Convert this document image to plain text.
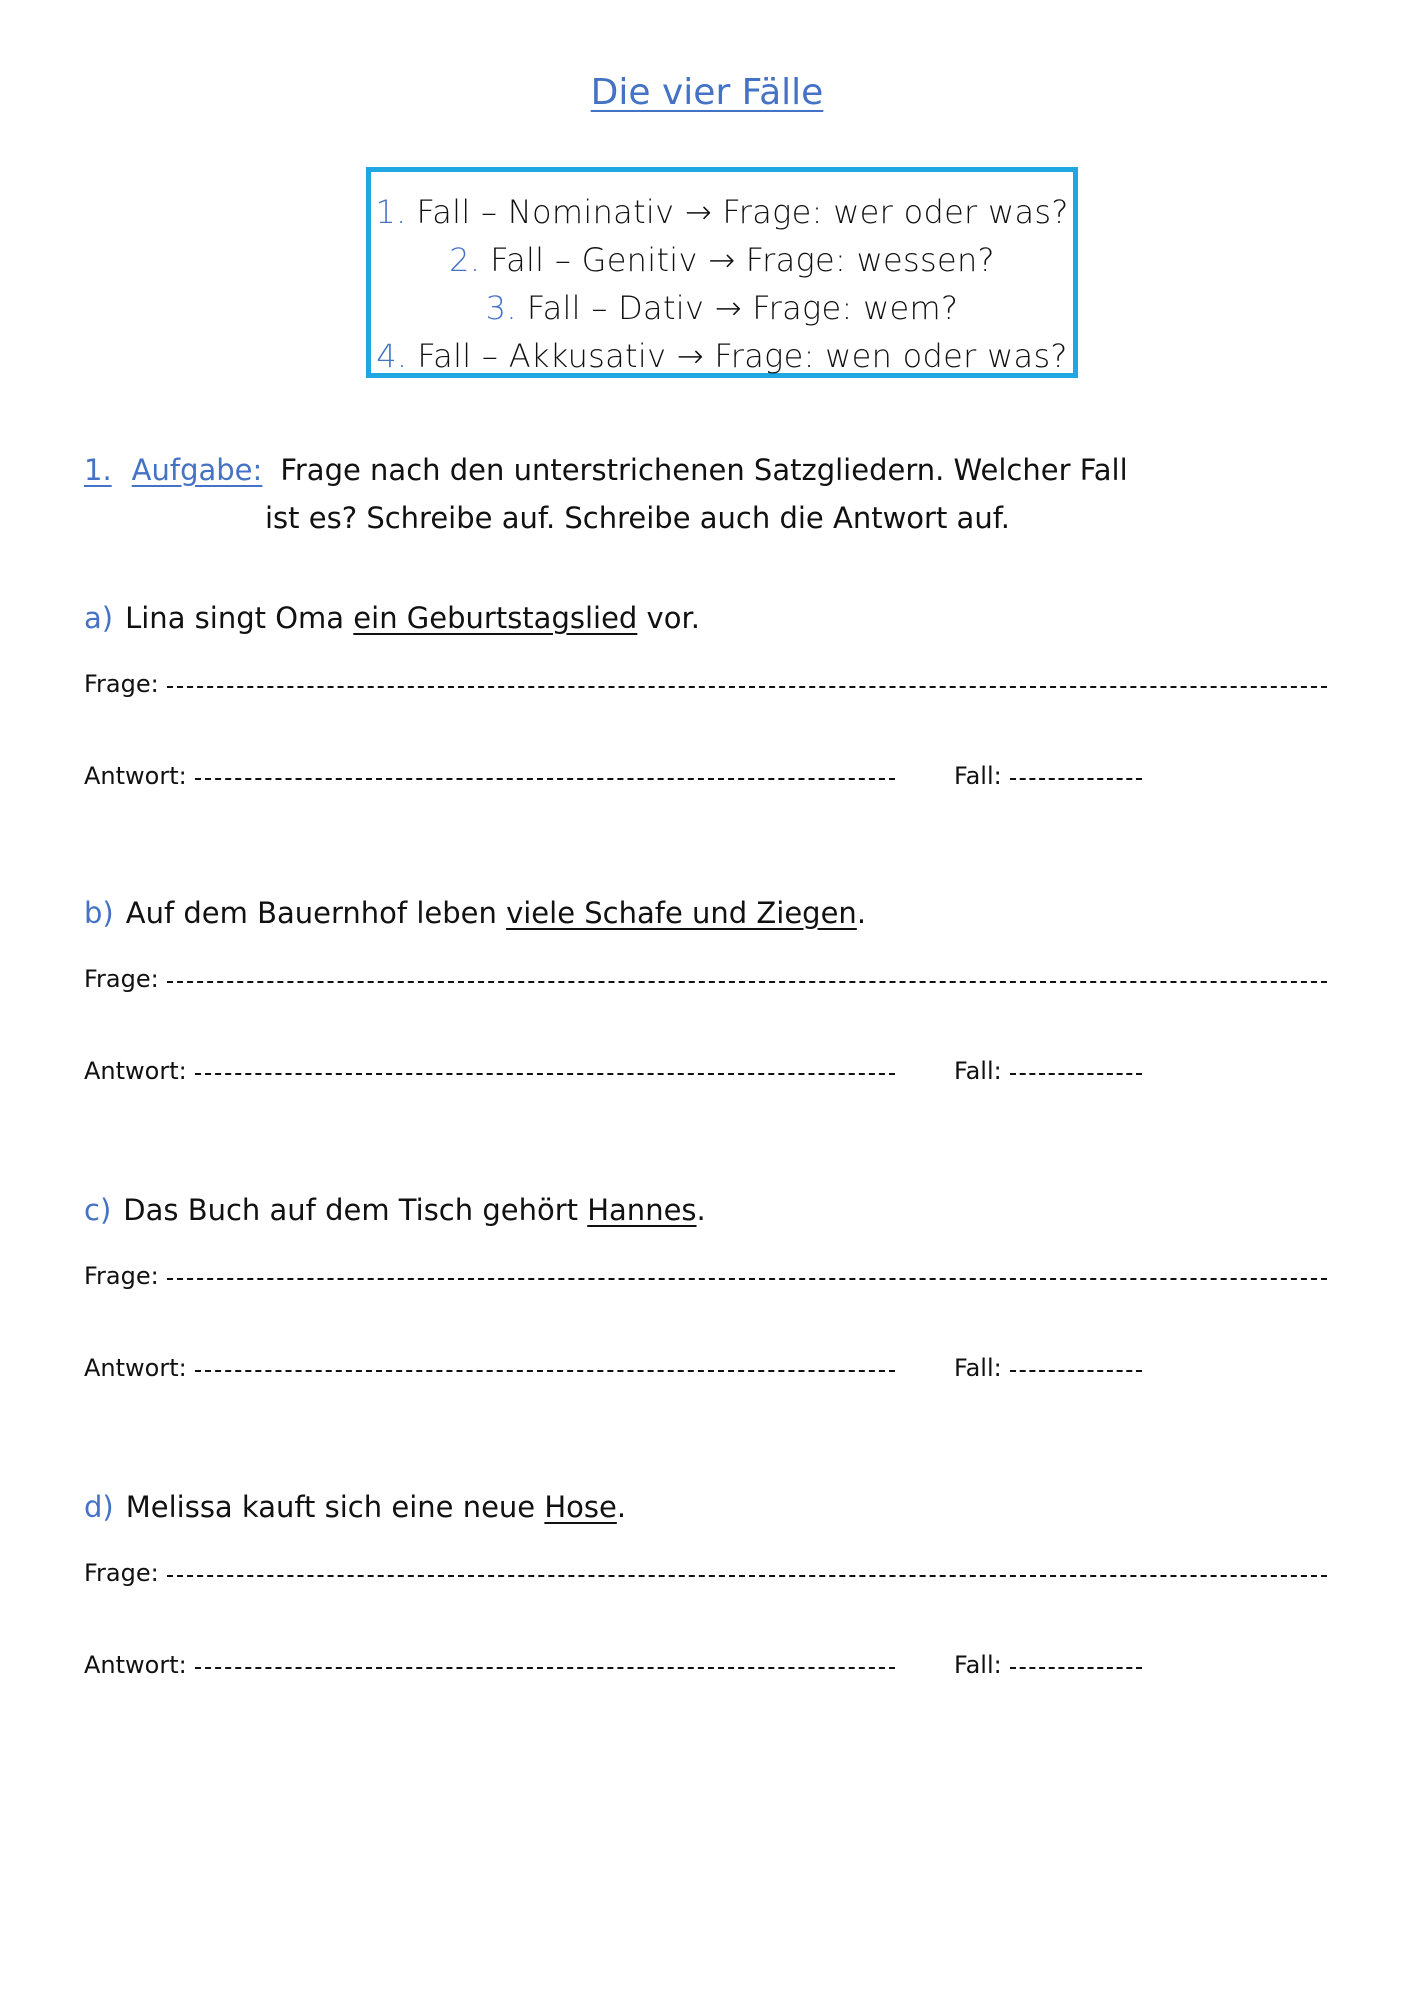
Die vier Fälle
1. Fall – Nominativ → Frage: wer oder was?
2. Fall – Genitiv → Frage: wessen?
3. Fall – Dativ → Frage: wem?
4. Fall – Akkusativ → Frage: wen oder was?
1. Aufgabe: Frage nach den unterstrichenen Satzgliedern. Welcher Fall
ist es? Schreibe auf. Schreibe auch die Antwort auf.
a) Lina singt Oma ein Geburtstagslied vor.
Frage:
Antwort:	Fall:
b) Auf dem Bauernhof leben viele Schafe und Ziegen.
Frage:
Antwort:	Fall:
c) Das Buch auf dem Tisch gehört Hannes.
Frage:
Antwort:	Fall:
d) Melissa kauft sich eine neue Hose.
Frage:
Antwort:	Fall:
